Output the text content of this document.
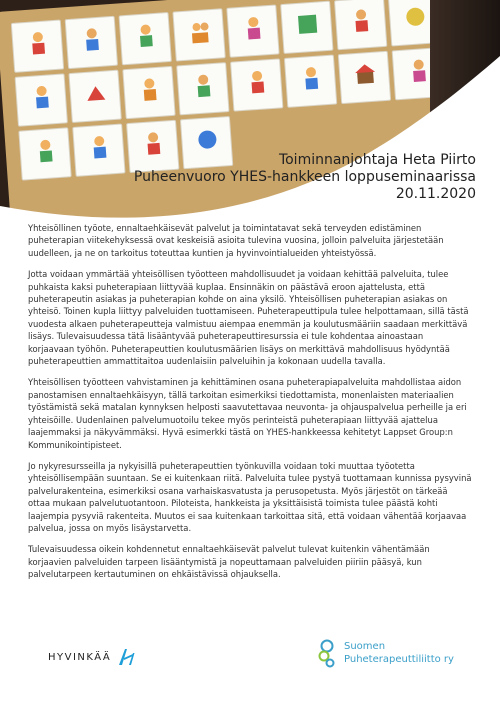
Toiminnanjohtaja Heta Piirto
Puheenvuoro YHES-hankkeen loppuseminaarissa
20.11.2020

Yhteisöllinen työote, ennaltaehkäisevät palvelut ja toimintatavat sekä terveyden edistäminen puheterapian viitekehyksessä ovat keskeisiä asioita tulevina vuosina, jolloin palveluita järjestetään uudelleen, ja ne on tarkoitus toteuttaa kuntien ja hyvinvointialueiden yhteistyössä.

Jotta voidaan ymmärtää yhteisöllisen työotteen mahdollisuudet ja voidaan kehittää palveluita, tulee puhkaista kaksi puheterapiaan liittyvää kuplaa. Ensinnäkin on päästävä eroon ajattelusta, että puheterapeutin asiakas ja puheterapian kohde on aina yksilö. Yhteisöllisen puheterapian asiakas on yhteisö. Toinen kupla liittyy palveluiden tuottamiseen. Puheterapeuttipula tulee helpottamaan, sillä tästä vuodesta alkaen puheterapeutteja valmistuu aiempaa enemmän ja koulutusmääriin saadaan merkittävä lisäys. Tulevaisuudessa tätä lisääntyvää puheterapeuttiresurssia ei tule kohdentaa ainoastaan korjaavaan työhön. Puheterapeuttien koulutusmäärien lisäys on merkittävä mahdollisuus hyödyntää puheterapeuttien ammattitaitoa uudenlaisiin palveluihin ja kokonaan uudella tavalla.

Yhteisöllisen työotteen vahvistaminen ja kehittäminen osana puheterapiapalveluita mahdollistaa aidon panostamisen ennaltaehkäisyyn, tällä tarkoitan esimerkiksi tiedottamista, monenlaisten materiaalien työstämistä sekä matalan kynnyksen helposti saavutettavaa neuvonta- ja ohjauspalvelua perheille ja eri yhteisöille. Uudenlainen palvelumuotoilu tekee myös perinteistä puheterapiaan liittyvää ajattelua laajemmaksi ja näkyvämmäksi. Hyvä esimerkki tästä on YHES-hankkeessa kehitetyt Lappset Group:n Kommunikointipisteet.

Jo nykyresursseilla ja nykyisillä puheterapeuttien työnkuvilla voidaan toki muuttaa työotetta yhteisöllisempään suuntaan. Se ei kuitenkaan riitä. Palveluita tulee pystyä tuottamaan kunnissa pysyvinä palvelurakenteina, esimerkiksi osana varhaiskasvatusta ja perusopetusta. Myös järjestöt on tärkeää ottaa mukaan palvelutuotantoon. Piloteista, hankkeista ja yksittäisistä toimista tulee päästä kohti laajempia pysyviä rakenteita. Muutos ei saa kuitenkaan tarkoittaa sitä, että voidaan vähentää korjaavaa palvelua, jossa on myös lisäystarvetta.

Tulevaisuudessa oikein kohdennetut ennaltaehkäisevät palvelut tulevat kuitenkin vähentämään korjaavien palveluiden tarpeen lisääntymistä ja nopeuttamaan palveluiden piiriin pääsyä, kun palvelutarpeen kertautuminen on ehkäistävissä ohjauksella.

HYVINKÄÄ
Suomen
Puheterapeuttiliitto ry
